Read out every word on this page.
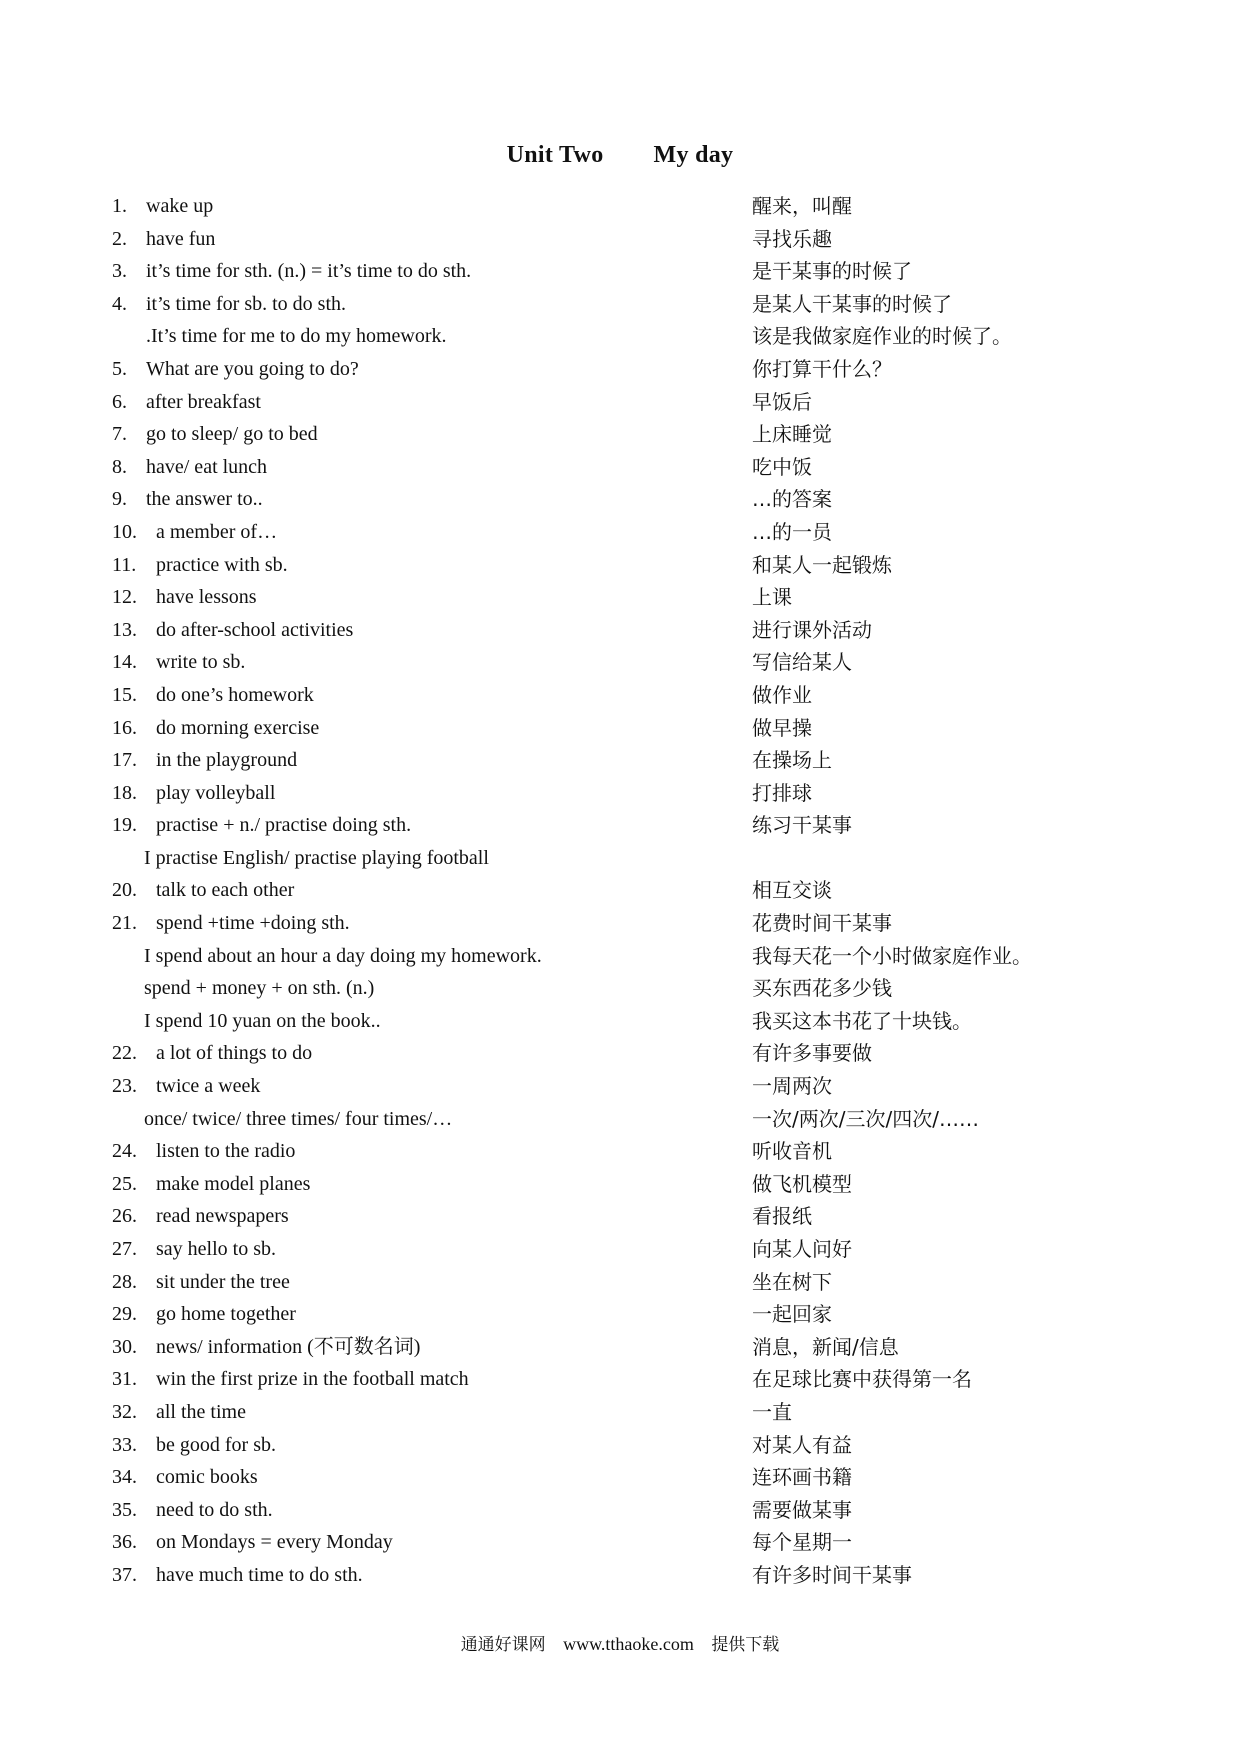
Unit Two My day
1. wake up	醒来，叫醒
2. have fun	寻找乐趣
3. it’s time for sth. (n.) = it’s time to do sth.	是干某事的时候了
4. it’s time for sb. to do sth.	是某人干某事的时候了
.It’s time for me to do my homework.	该是我做家庭作业的时候了。
5. What are you going to do?	你打算干什么？
6. after breakfast	早饭后
7. go to sleep/ go to bed	上床睡觉
8. have/ eat lunch	吃中饭
9. the answer to..	…的答案
10. a member of…	…的一员
11. practice with sb.	和某人一起锻炼
12. have lessons	上课
13. do after-school activities	进行课外活动
14. write to sb.	写信给某人
15. do one’s homework	做作业
16. do morning exercise	做早操
17. in the playground	在操场上
18. play volleyball	打排球
19. practise + n./ practise doing sth.	练习干某事
I practise English/ practise playing football
20. talk to each other	相互交谈
21. spend +time +doing sth.	花费时间干某事
I spend about an hour a day doing my homework.	我每天花一个小时做家庭作业。
spend + money + on sth. (n.)	买东西花多少钱
I spend 10 yuan on the book..	我买这本书花了十块钱。
22. a lot of things to do	有许多事要做
23. twice a week	一周两次
once/ twice/ three times/ four times/…	一次/两次/三次/四次/……
24. listen to the radio	听收音机
25. make model planes	做飞机模型
26. read newspapers	看报纸
27. say hello to sb.	向某人问好
28. sit under the tree	坐在树下
29. go home together	一起回家
30. news/ information (不可数名词)	消息，新闻/信息
31. win the first prize in the football match	在足球比赛中获得第一名
32. all the time	一直
33. be good for sb.	对某人有益
34. comic books	连环画书籍
35. need to do sth.	需要做某事
36. on Mondays = every Monday	每个星期一
37. have much time to do sth.	有许多时间干某事
通通好课网 www.tthaoke.com 提供下载
